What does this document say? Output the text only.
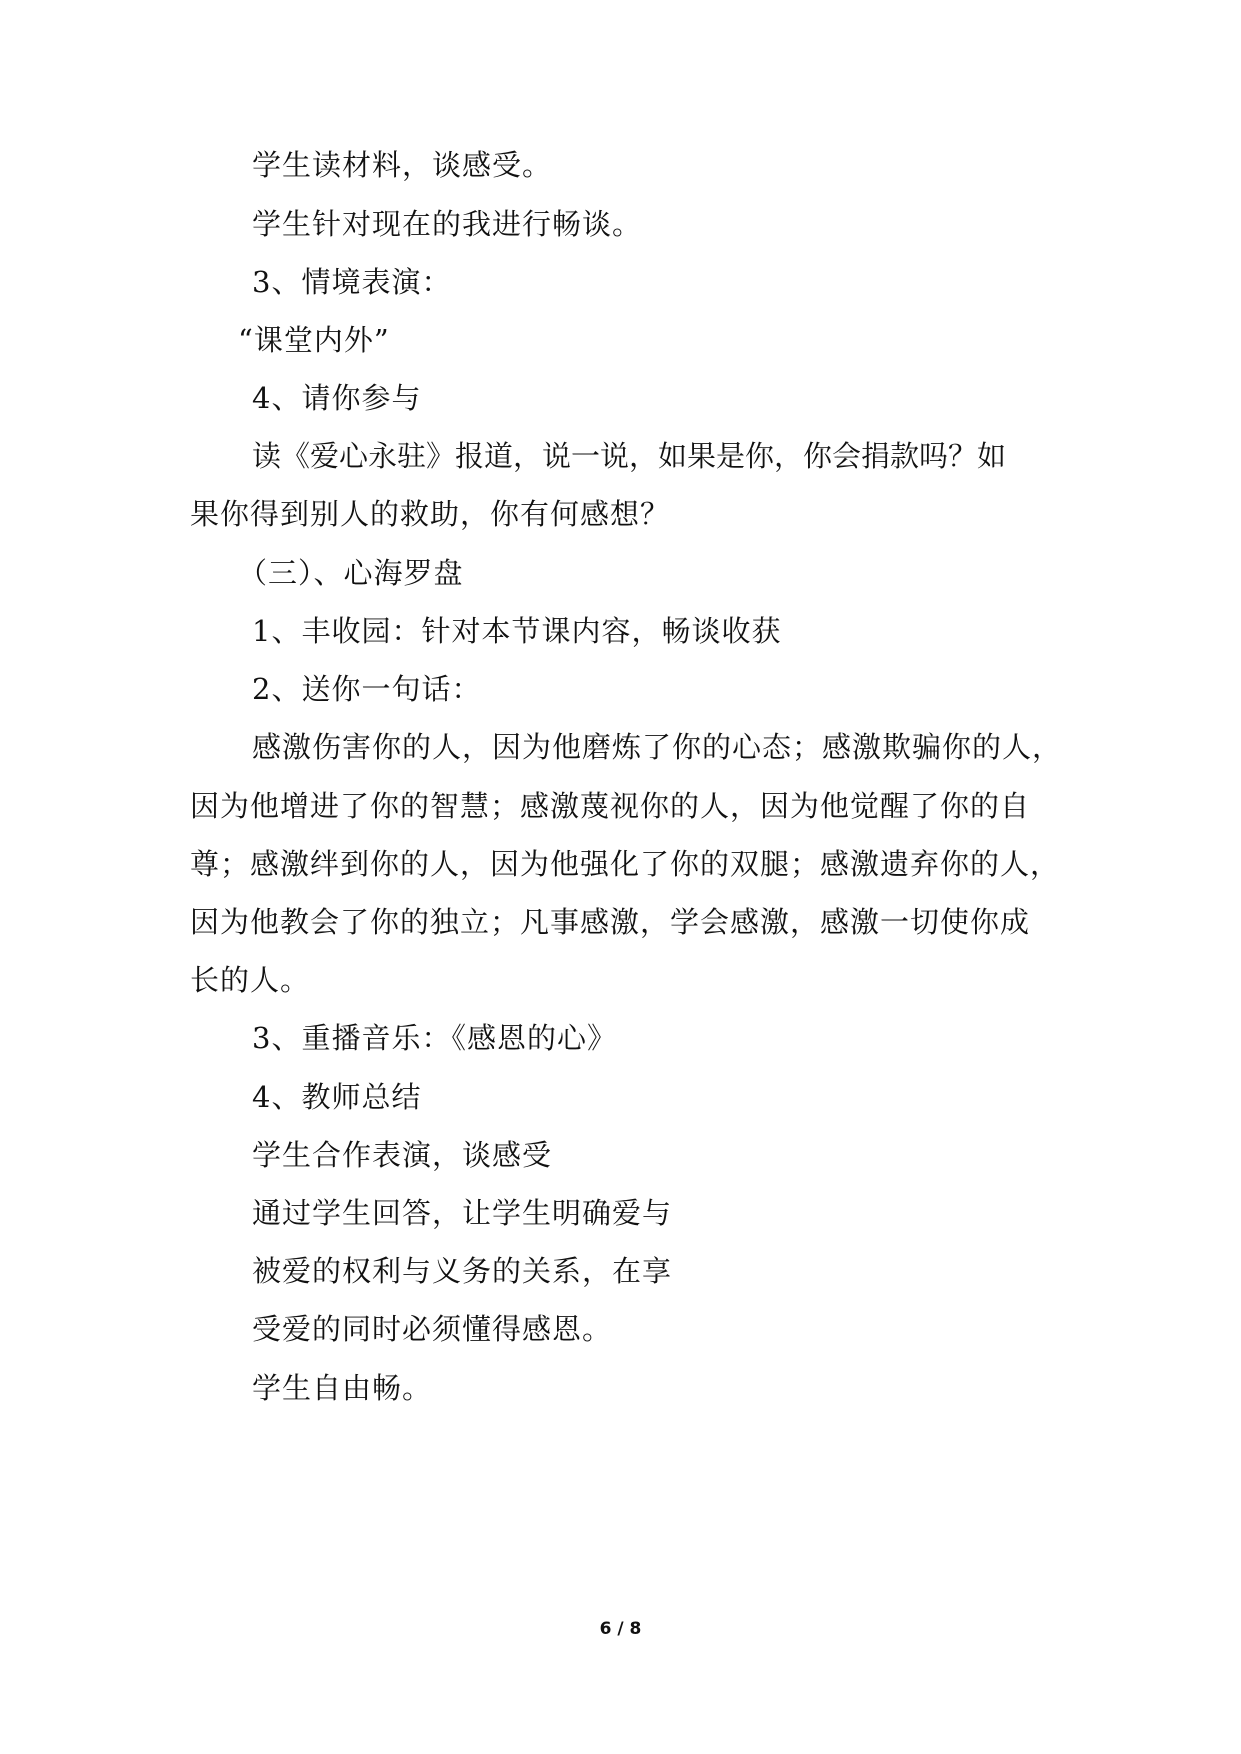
学生读材料，谈感受。
学生针对现在的我进行畅谈。
3、情境表演：
“课堂内外”
4、请你参与
读《爱心永驻》报道，说一说，如果是你，你会捐款吗？如
果你得到别人的救助，你有何感想？
（三）、心海罗盘
1、丰收园：针对本节课内容，畅谈收获
2、送你一句话：
感激伤害你的人，因为他磨炼了你的心态；感激欺骗你的人，
因为他增进了你的智慧；感激蔑视你的人，因为他觉醒了你的自
尊；感激绊到你的人，因为他强化了你的双腿；感激遗弃你的人，
因为他教会了你的独立；凡事感激，学会感激，感激一切使你成
长的人。
3、重播音乐：《感恩的心》
4、教师总结
学生合作表演，谈感受
通过学生回答，让学生明确爱与
被爱的权利与义务的关系，在享
受爱的同时必须懂得感恩。
学生自由畅。
6 / 8
